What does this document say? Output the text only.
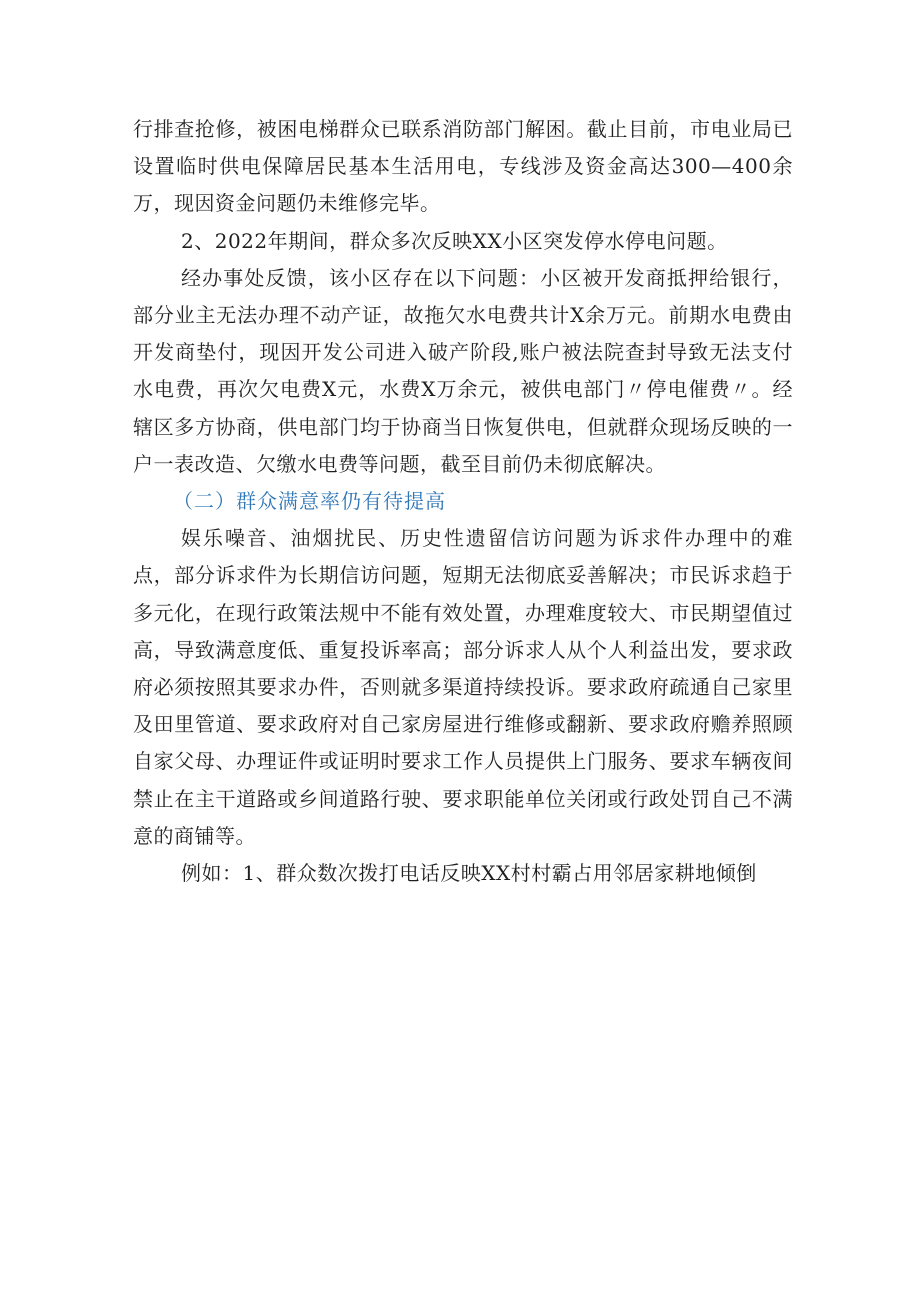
行排查抢修，被困电梯群众已联系消防部门解困。截止目前，市电业局已设置临时供电保障居民基本生活用电，专线涉及资金高达300—400余万，现因资金问题仍未维修完毕。

2、2022年期间，群众多次反映XX小区突发停水停电问题。

经办事处反馈，该小区存在以下问题：小区被开发商抵押给银行，部分业主无法办理不动产证，故拖欠水电费共计X余万元。前期水电费由开发商垫付，现因开发公司进入破产阶段,账户被法院查封导致无法支付水电费，再次欠电费X元，水费X万余元，被供电部门〃停电催费〃。经辖区多方协商，供电部门均于协商当日恢复供电，但就群众现场反映的一户一表改造、欠缴水电费等问题，截至目前仍未彻底解决。

（二）群众满意率仍有待提高

娱乐噪音、油烟扰民、历史性遗留信访问题为诉求件办理中的难点，部分诉求件为长期信访问题，短期无法彻底妥善解决；市民诉求趋于多元化，在现行政策法规中不能有效处置，办理难度较大、市民期望值过高，导致满意度低、重复投诉率高；部分诉求人从个人利益出发，要求政府必须按照其要求办件，否则就多渠道持续投诉。要求政府疏通自己家里及田里管道、要求政府对自己家房屋进行维修或翻新、要求政府赡养照顾自家父母、办理证件或证明时要求工作人员提供上门服务、要求车辆夜间禁止在主干道路或乡间道路行驶、要求职能单位关闭或行政处罚自己不满意的商铺等。

例如：1、群众数次拨打电话反映XX村村霸占用邻居家耕地倾倒
